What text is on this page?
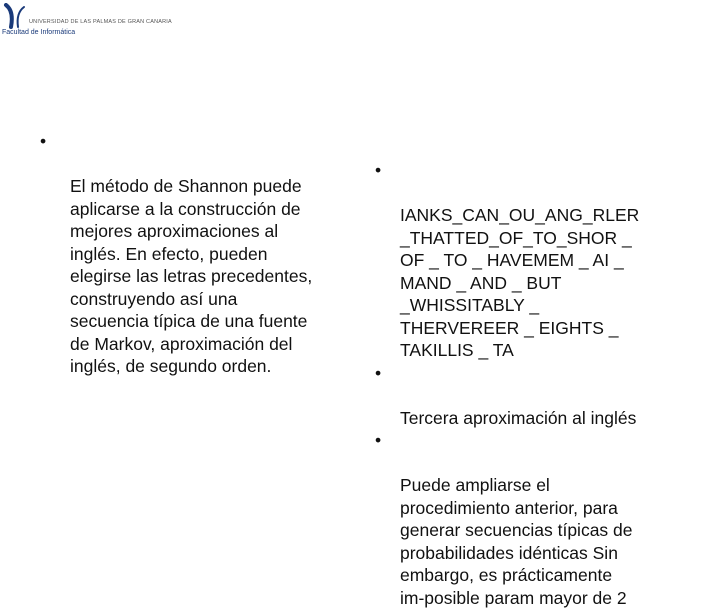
UNIVERSIDAD DE LAS PALMAS DE GRAN CANARIA
Facultad de Informática

•

El método de Shannon puede
aplicarse a la construcción de
mejores aproximaciones al
inglés. En efecto, pueden
elegirse las letras precedentes,
construyendo así una
secuencia típica de una fuente
de Markov, aproximación del
inglés, de segundo orden.

•

IANKS_CAN_OU_ANG_RLER
_THATTED_OF_TO_SHOR _
OF _ TO _ HAVEMEM _ AI _
MAND _ AND _ BUT
_WHISSITABLY _
THERVEREER _ EIGHTS _
TAKILLIS _ TA

•

Tercera aproximación al inglés

•

Puede ampliarse el
procedimiento anterior, para
generar secuencias típicas de
probabilidades idénticas Sin
embargo, es prácticamente
im-posible param mayor de 2
